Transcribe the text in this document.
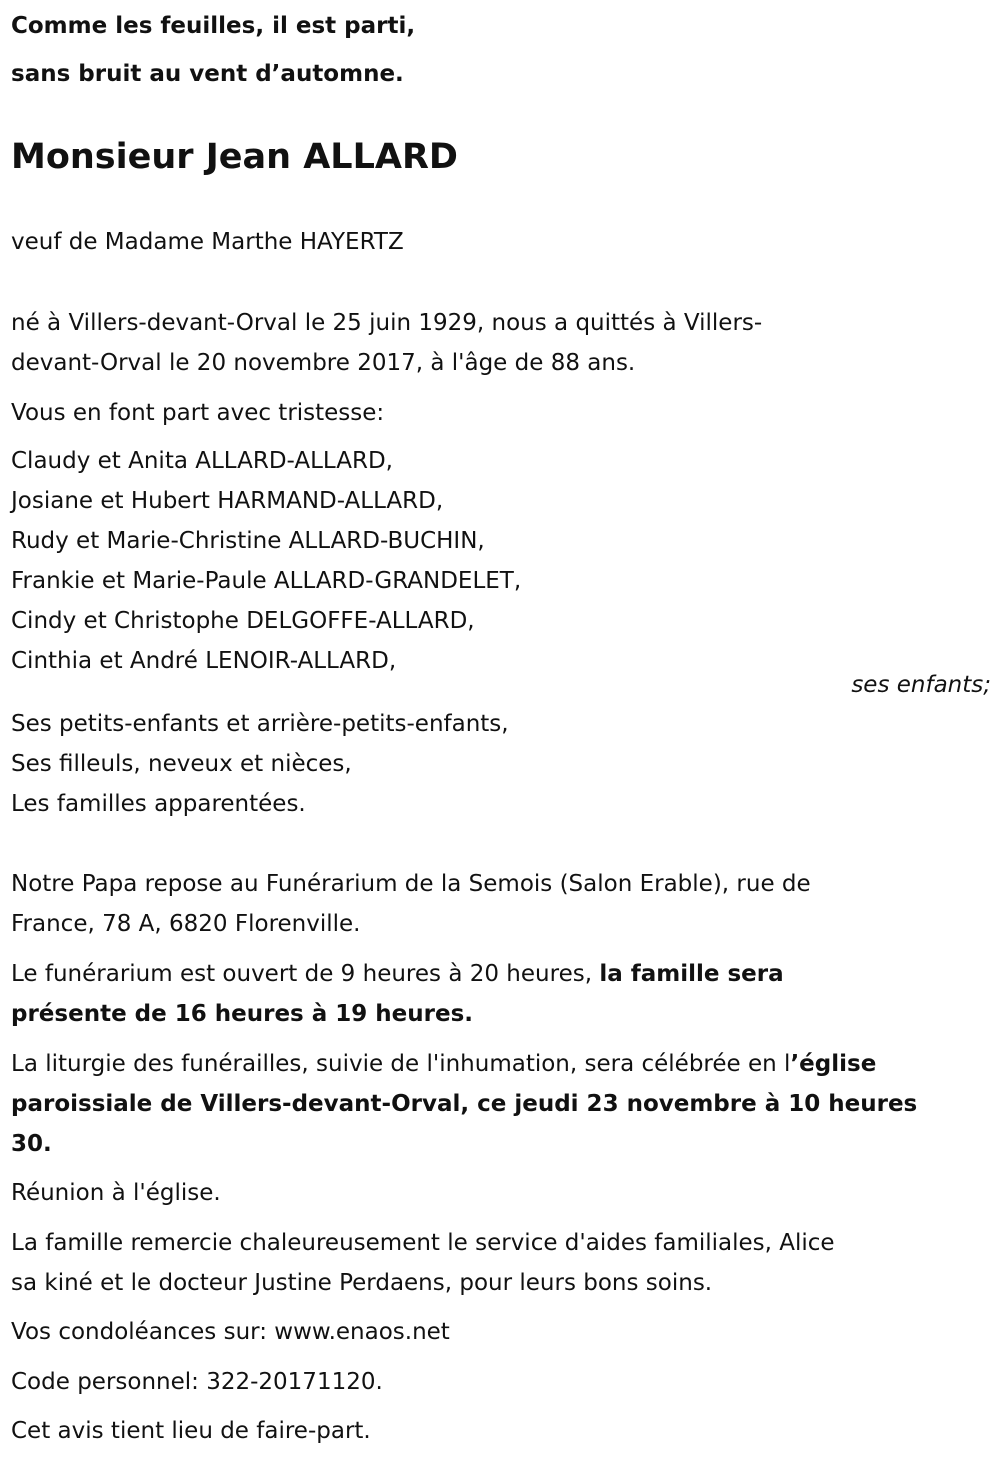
Comme les feuilles, il est parti,
sans bruit au vent d’automne.
Monsieur Jean ALLARD
veuf de Madame Marthe HAYERTZ
né à Villers-devant-Orval le 25 juin 1929, nous a quittés à Villers-
devant-Orval le 20 novembre 2017, à l'âge de 88 ans.
Vous en font part avec tristesse:
Claudy et Anita ALLARD-ALLARD,
Josiane et Hubert HARMAND-ALLARD,
Rudy et Marie-Christine ALLARD-BUCHIN,
Frankie et Marie-Paule ALLARD-GRANDELET,
Cindy et Christophe DELGOFFE-ALLARD,
Cinthia et André LENOIR-ALLARD,
ses enfants;
Ses petits-enfants et arrière-petits-enfants,
Ses filleuls, neveux et nièces,
Les familles apparentées.
Notre Papa repose au Funérarium de la Semois (Salon Erable), rue de
France, 78 A, 6820 Florenville.
Le funérarium est ouvert de 9 heures à 20 heures, la famille sera
présente de 16 heures à 19 heures.
La liturgie des funérailles, suivie de l'inhumation, sera célébrée en l’église
paroissiale de Villers-devant-Orval, ce jeudi 23 novembre à 10 heures
30.
Réunion à l'église.
La famille remercie chaleureusement le service d'aides familiales, Alice
sa kiné et le docteur Justine Perdaens, pour leurs bons soins.
Vos condoléances sur: www.enaos.net
Code personnel: 322-20171120.
Cet avis tient lieu de faire-part.
